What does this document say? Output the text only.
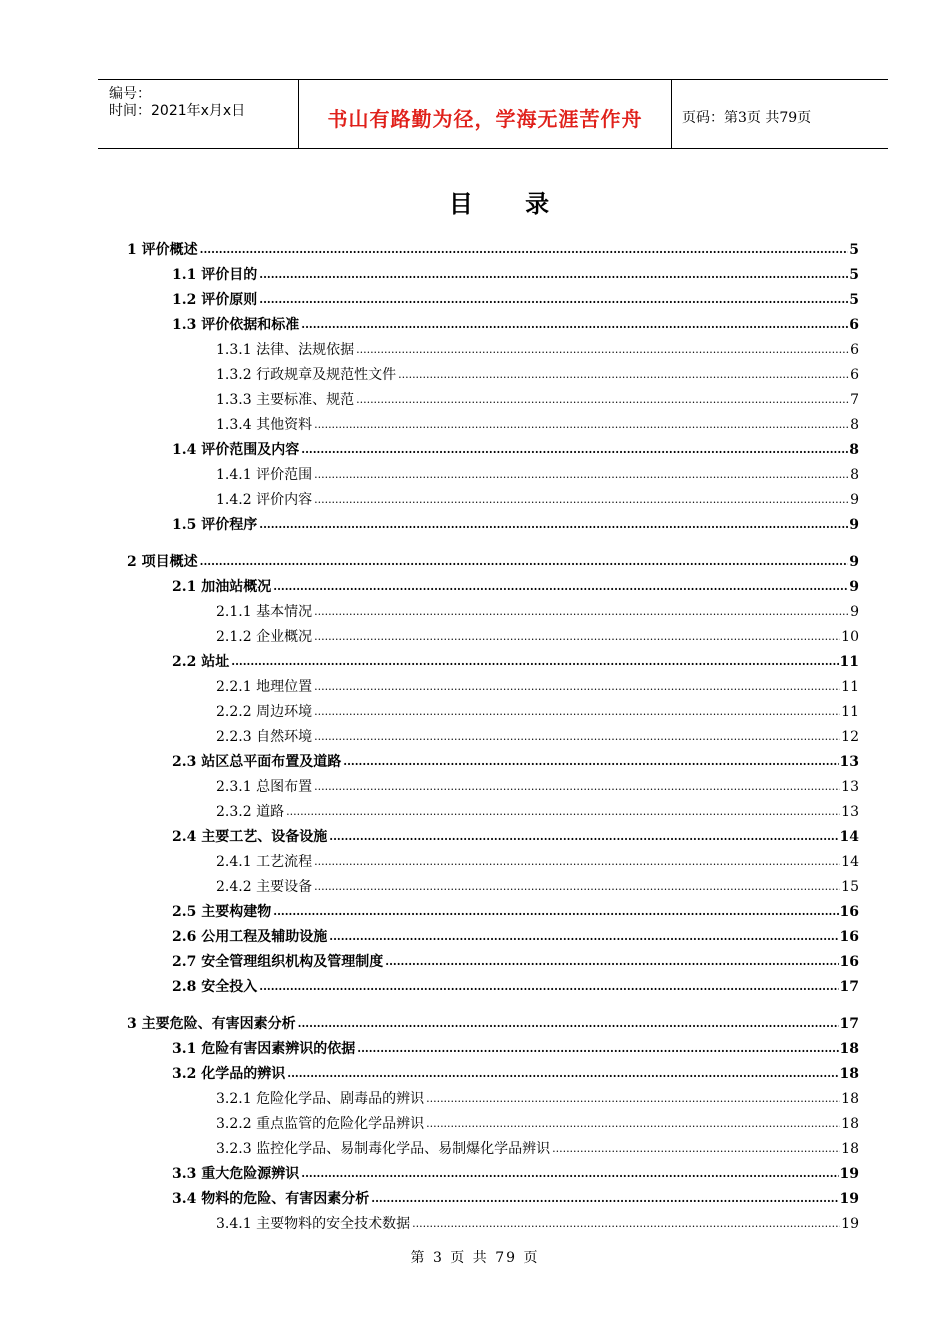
编号：
时间：2021年x月x日	书山有路勤为径，学海无涯苦作舟	页码：第3页 共79页
目 录
1 评价概述 .....	5
1.1 评价目的 .....	5
1.2 评价原则 .....	5
1.3 评价依据和标准 .....	6
1.3.1 法律、法规依据 .....	6
1.3.2 行政规章及规范性文件 .....	6
1.3.3 主要标准、规范 .....	7
1.3.4 其他资料 .....	8
1.4 评价范围及内容 .....	8
1.4.1 评价范围 .....	8
1.4.2 评价内容 .....	9
1.5 评价程序 .....	9
2 项目概述 .....	9
2.1 加油站概况 .....	9
2.1.1 基本情况 .....	9
2.1.2 企业概况 .....	10
2.2 站址 .....	11
2.2.1 地理位置 .....	11
2.2.2 周边环境 .....	11
2.2.3 自然环境 .....	12
2.3 站区总平面布置及道路 .....	13
2.3.1 总图布置 .....	13
2.3.2 道路 .....	13
2.4 主要工艺、设备设施 .....	14
2.4.1 工艺流程 .....	14
2.4.2 主要设备 .....	15
2.5 主要构建物 .....	16
2.6 公用工程及辅助设施 .....	16
2.7 安全管理组织机构及管理制度 .....	16
2.8 安全投入 .....	17
3 主要危险、有害因素分析 .....	17
3.1 危险有害因素辨识的依据 .....	18
3.2 化学品的辨识 .....	18
3.2.1 危险化学品、剧毒品的辨识 .....	18
3.2.2 重点监管的危险化学品辨识 .....	18
3.2.3 监控化学品、易制毒化学品、易制爆化学品辨识 .....	18
3.3 重大危险源辨识 .....	19
3.4 物料的危险、有害因素分析 .....	19
3.4.1 主要物料的安全技术数据 .....	19
第 3 页 共 79 页
